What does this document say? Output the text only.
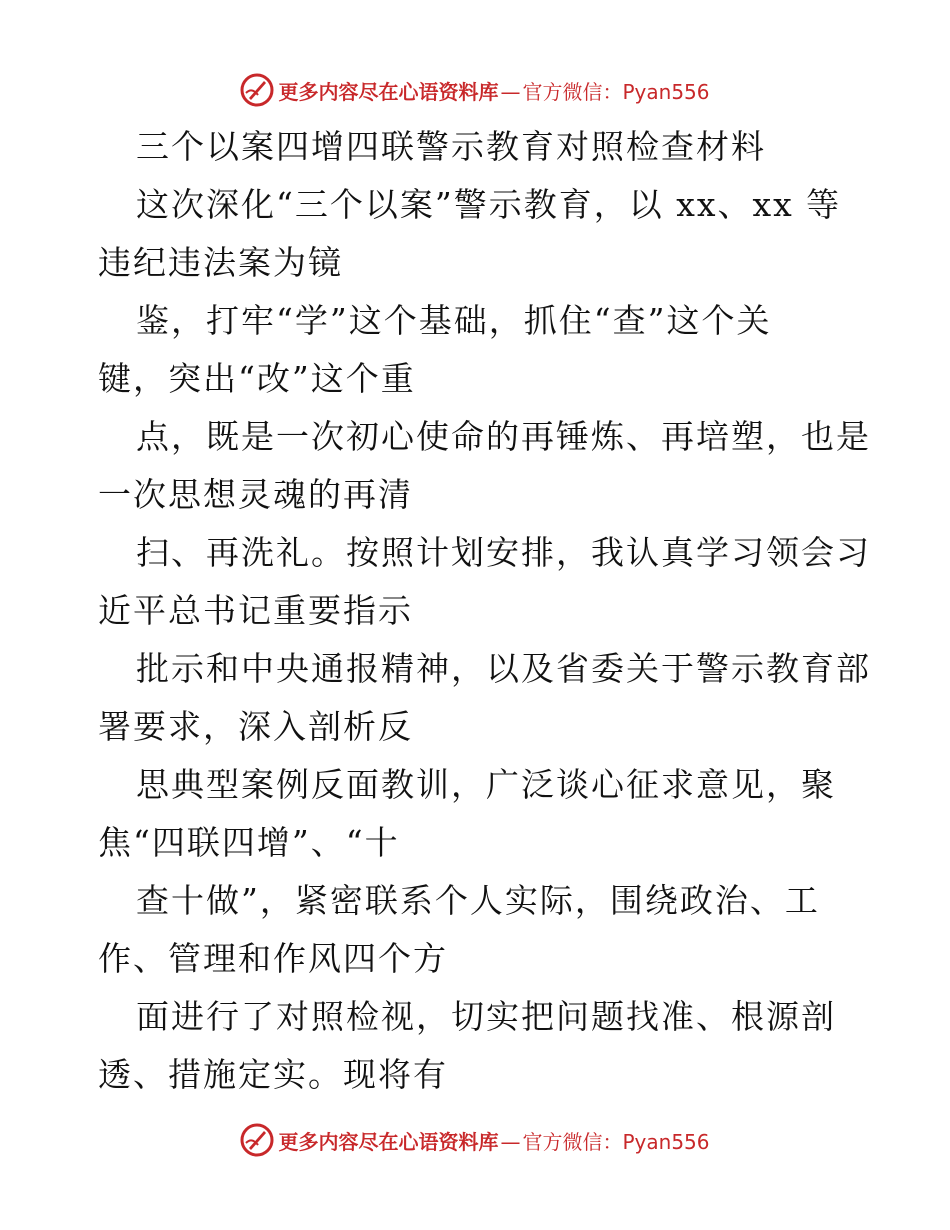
更多内容尽在心语资料库 — 官方微信：Pyan556
三个以案四增四联警示教育对照检查材料
这次深化“三个以案”警示教育，以 xx、xx 等
违纪违法案为镜
鉴，打牢“学”这个基础，抓住“查”这个关
键，突出“改”这个重
点，既是一次初心使命的再锤炼、再培塑，也是
一次思想灵魂的再清
扫、再洗礼。按照计划安排，我认真学习领会习
近平总书记重要指示
批示和中央通报精神，以及省委关于警示教育部
署要求，深入剖析反
思典型案例反面教训，广泛谈心征求意见，聚
焦“四联四增”、“十
查十做”，紧密联系个人实际，围绕政治、工
作、管理和作风四个方
面进行了对照检视，切实把问题找准、根源剖
透、措施定实。现将有
更多内容尽在心语资料库 — 官方微信：Pyan556
